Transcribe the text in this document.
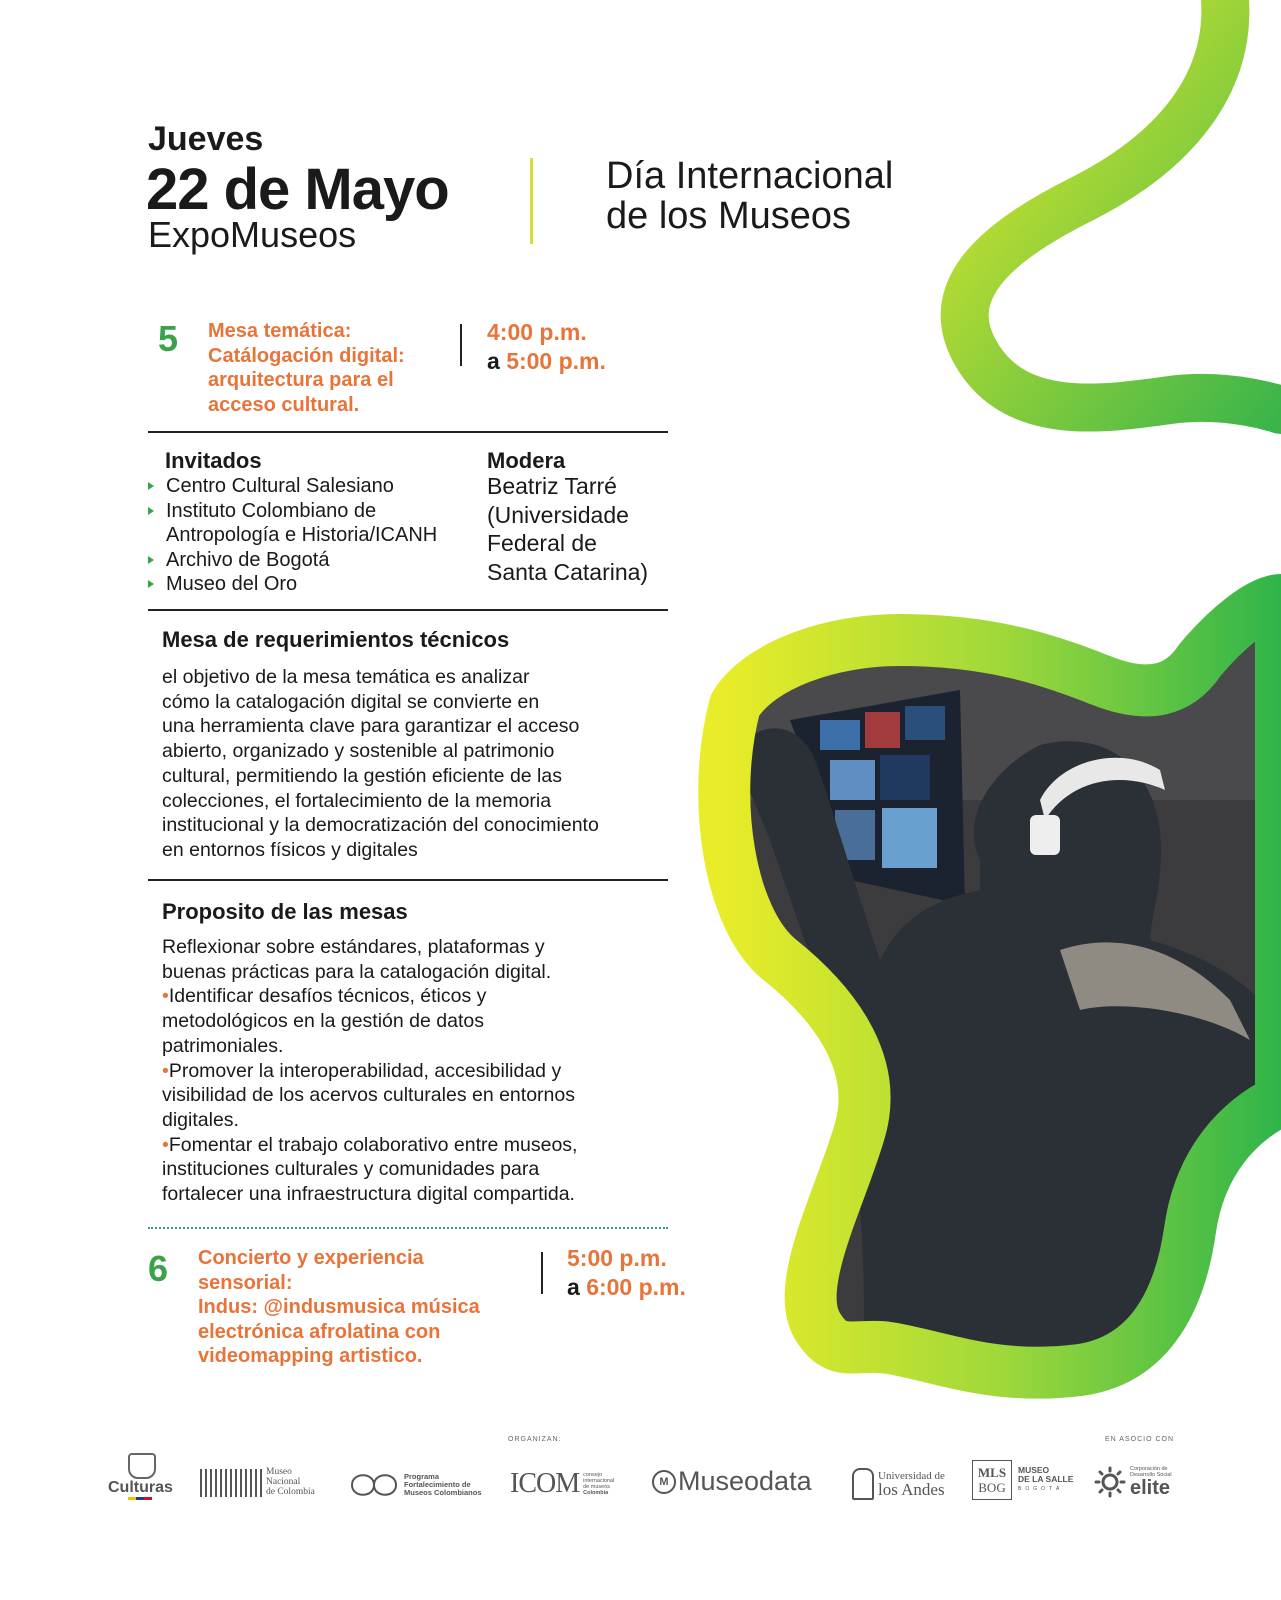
Jueves
22 de Mayo
ExpoMuseos
Día Internacional
de los Museos
5 Mesa temática:
Catálogación digital:
arquitectura para el
acceso cultural.
4:00 p.m.
a 5:00 p.m.
Invitados
Centro Cultural Salesiano
Instituto Colombiano de
Antropología e Historia/ICANH
Archivo de Bogotá
Museo del Oro
Modera
Beatriz Tarré
(Universidade
Federal de
Santa Catarina)
Mesa de requerimientos técnicos

el objetivo de la mesa temática es analizar

cómo la catalogación digital se convierte en

una herramienta clave para garantizar el acceso

abierto, organizado y sostenible al patrimonio

cultural, permitiendo la gestión eficiente de las

colecciones, el fortalecimiento de la memoria

institucional y la democratización del conocimiento

en entornos físicos y digitales

Proposito de las mesas

Reflexionar sobre estándares, plataformas y

buenas prácticas para la catalogación digital.

•Identificar desafíos técnicos, éticos y

metodológicos en la gestión de datos

patrimoniales.

•Promover la interoperabilidad, accesibilidad y

visibilidad de los acervos culturales en entornos

digitales.

•Fomentar el trabajo colaborativo entre museos,

instituciones culturales y comunidades para

fortalecer una infraestructura digital compartida.

6 Concierto y experiencia
sensorial:
Indus: @indusmusica música
electrónica afrolatina con
videomapping artistico.
5:00 p.m.
a 6:00 p.m.
ORGANIZAN:	EN ASOCIO CON
Culturas
Museo
Nacional
de Colombia
Programa
Fortalecimiento de
Museos Colombianos ICOM consejo
internacional
de museos
Colombia
M Museodata	Universidad de
los Andes
MLS
BOG
MUSEO
DE LA SALLE
BOGOTÁ
Corporación de
Desarrollo Social
elite
